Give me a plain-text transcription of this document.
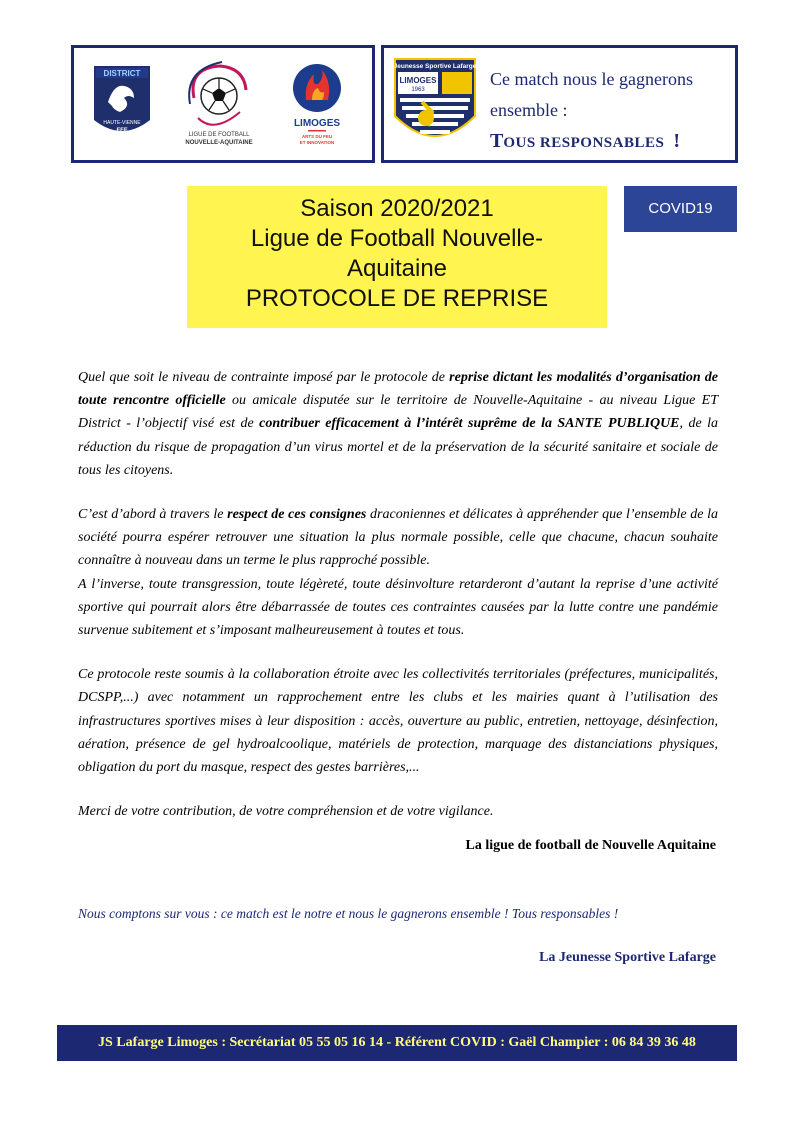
DISTRICT
HAUTE-VIENNE
FFF
LIGUE DE FOOTBALL
NOUVELLE-AQUITAINE
LIMOGES
ARTS DU FEU
ET INNOVATION
Jeunesse Sportive Lafarge
LIMOGES
1963
Ce match nous le gagnerons
ensemble :
TOUS RESPONSABLES !
Saison 2020/2021
Ligue de Football Nouvelle-
Aquitaine
PROTOCOLE DE REPRISE
COVID19

Quel que soit le niveau de contrainte imposé par le protocole de reprise dictant les modalités d’organisation de toute rencontre officielle ou amicale disputée sur le territoire de Nouvelle-Aquitaine - au niveau Ligue ET District - l’objectif visé est de contribuer efficacement à l’intérêt suprême de la SANTE PUBLIQUE, de la réduction du risque de propagation d’un virus mortel et de la préservation de la sécurité sanitaire et sociale de tous les citoyens.

C’est d’abord à travers le respect de ces consignes draconiennes et délicates à appréhender que l’ensemble de la société pourra espérer retrouver une situation la plus normale possible, celle que chacune, chacun souhaite connaître à nouveau dans un terme le plus rapproché possible.

A l’inverse, toute transgression, toute légèreté, toute désinvolture retarderont d’autant la reprise d’une activité sportive qui pourrait alors être débarrassée de toutes ces contraintes causées par la lutte contre une pandémie survenue subitement et s’imposant malheureusement à toutes et tous.

Ce protocole reste soumis à la collaboration étroite avec les collectivités territoriales (préfectures, municipalités, DCSPP,...) avec notamment un rapprochement entre les clubs et les mairies quant à l’utilisation des infrastructures sportives mises à leur disposition : accès, ouverture au public, entretien, nettoyage, désinfection, aération, présence de gel hydroalcoolique, matériels de protection, marquage des distanciations physiques, obligation du port du masque, respect des gestes barrières,...

Merci de votre contribution, de votre compréhension et de votre vigilance.

La ligue de football de Nouvelle Aquitaine
Nous comptons sur vous : ce match est le notre et nous le gagnerons ensemble ! Tous responsables !
La Jeunesse Sportive Lafarge
JS Lafarge Limoges : Secrétariat 05 55 05 16 14 - Référent COVID : Gaël Champier : 06 84 39 36 48
